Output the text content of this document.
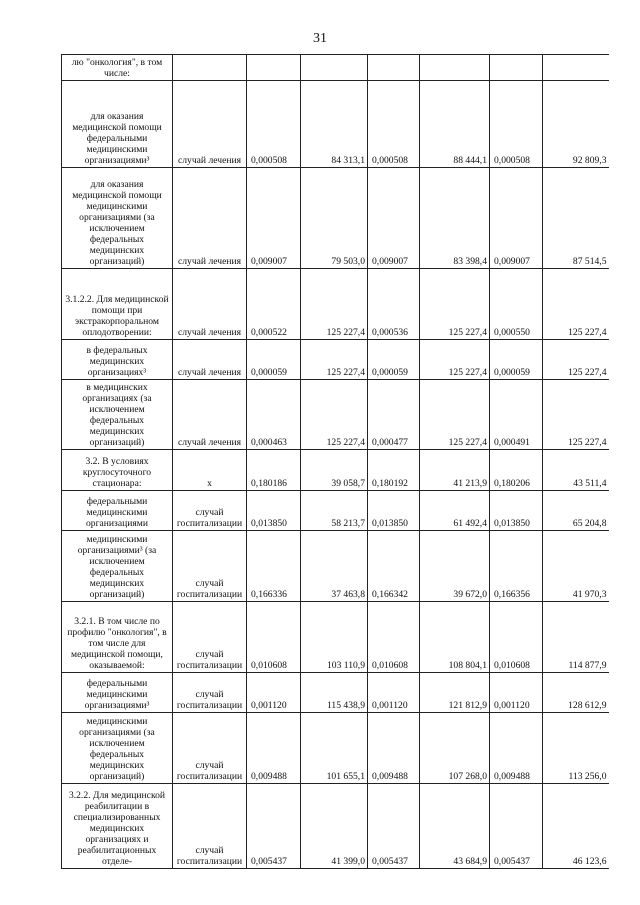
31
лю "онкология", в том числе:							
для оказания медицинской помощи федеральными медицинскими организациями³	случай лечения	0,000508	84 313,1	0,000508	88 444,1	0,000508	92 809,3
для оказания медицинской помощи медицинскими организациями (за исключением федеральных медицинских организаций)	случай лечения	0,009007	79 503,0	0,009007	83 398,4	0,009007	87 514,5
3.1.2.2. Для медицинской помощи при экстракорпоральном оплодотворении:	случай лечения	0,000522	125 227,4	0,000536	125 227,4	0,000550	125 227,4
в федеральных медицинских организациях³	случай лечения	0,000059	125 227,4	0,000059	125 227,4	0,000059	125 227,4
в медицинских организациях (за исключением федеральных медицинских организаций)	случай лечения	0,000463	125 227,4	0,000477	125 227,4	0,000491	125 227,4
3.2. В условиях круглосуточного стационара:	x	0,180186	39 058,7	0,180192	41 213,9	0,180206	43 511,4
федеральными медицинскими организациями	случай госпитализации	0,013850	58 213,7	0,013850	61 492,4	0,013850	65 204,8
медицинскими организациями³ (за исключением федеральных медицинских организаций)	случай госпитализации	0,166336	37 463,8	0,166342	39 672,0	0,166356	41 970,3
3.2.1. В том числе по профилю "онкология", в том числе для медицинской помощи, оказываемой:	случай госпитализации	0,010608	103 110,9	0,010608	108 804,1	0,010608	114 877,9
федеральными медицинскими организациями³	случай госпитализации	0,001120	115 438,9	0,001120	121 812,9	0,001120	128 612,9
медицинскими организациями (за исключением федеральных медицинских организаций)	случай госпитализации	0,009488	101 655,1	0,009488	107 268,0	0,009488	113 256,0
3.2.2. Для медицинской реабилитации в специализированных медицинских организациях и реабилитационных отделе-	случай госпитализации	0,005437	41 399,0	0,005437	43 684,9	0,005437	46 123,6
